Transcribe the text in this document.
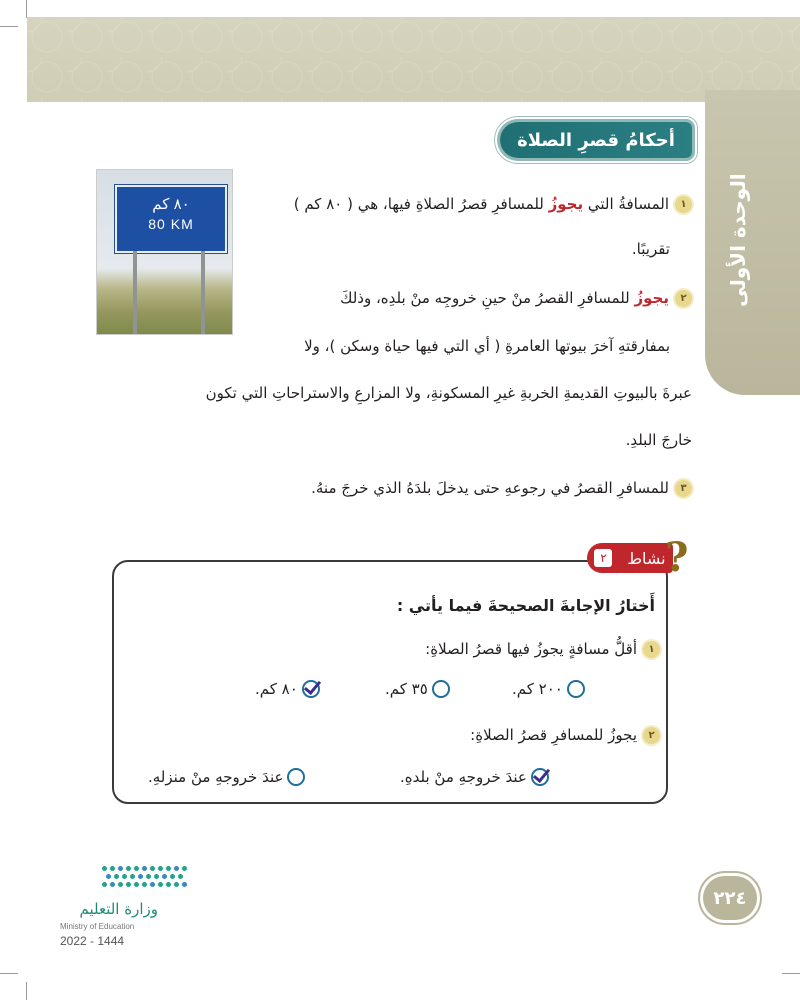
الوحدة الأولى
أحكامُ قصرِ الصلاة
٨٠ كم
80 KM
١المسافةُ التي يجوزُ للمسافرِ قصرُ الصلاةِ فيها، هي ( ٨٠ كم )
تقريبًا.
٢يجوزُ للمسافرِ القصرُ منْ حينِ خروجِه منْ بلدِه، وذلكَ
بمفارقتهِ آخرَ بيوتها العامرةِ ( أي التي فيها حياة وسكن )، ولا
عبرةَ بالبيوتِ القديمةِ الخربةِ غيرِ المسكونةِ، ولا المزارعِ والاستراحاتِ التي تكون
خارجَ البلدِ.
٣للمسافرِ القصرُ في رجوعهِ حتى يدخلَ بلدَهُ الذي خرجَ منهُ.
نشاط
٢ ?
أَختارُ الإجابةَ الصحيحةَ فيما يأتي :
١أقلُّ مسافةٍ يجوزُ فيها قصرُ الصلاةِ:
٢٠٠ كم.
٣٥ كم.
٨٠ كم.
٢يجوزُ للمسافرِ قصرُ الصلاةِ:
عندَ خروجهِ منْ بلدهِ.
عندَ خروجهِ منْ منزلهِ.
٢٢٤
وزارة التعليم
Ministry of Education
2022 - 1444
